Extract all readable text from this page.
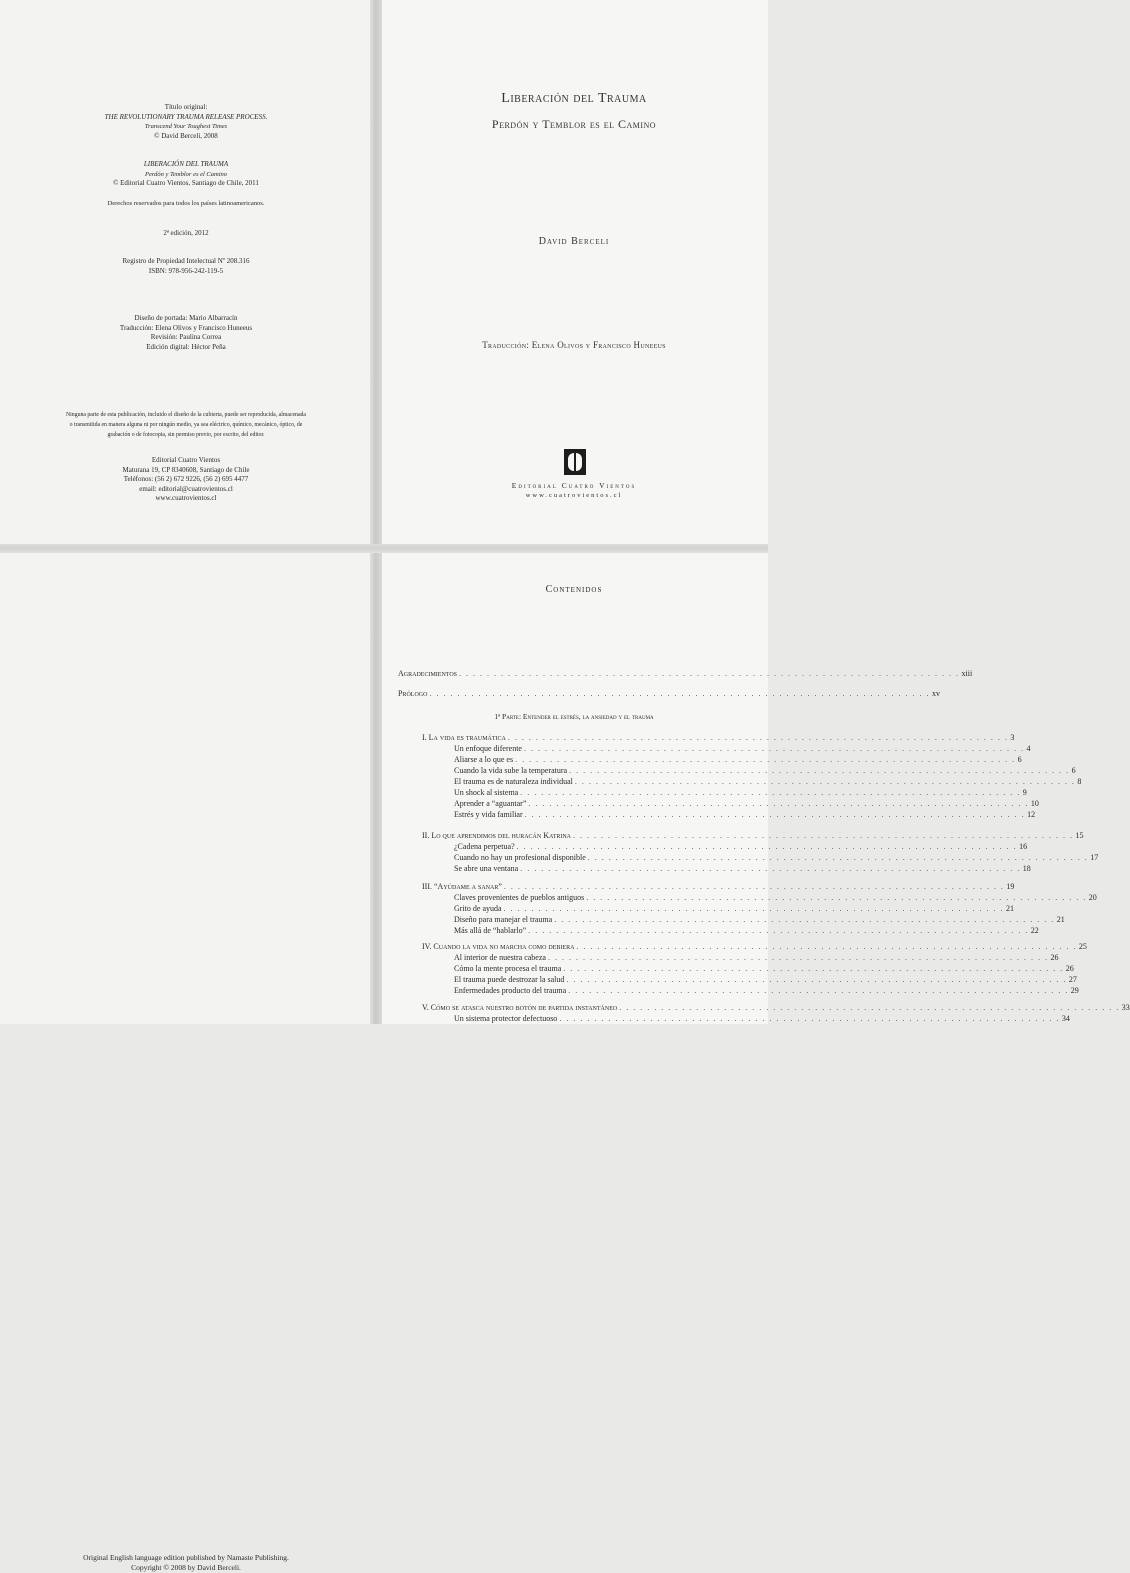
Título original:
THE REVOLUTIONARY TRAUMA RELEASE PROCESS.
Transcend Your Toughest Times
© David Berceli, 2008
LIBERACIÓN DEL TRAUMA
Perdón y Temblor es el Camino
© Editorial Cuatro Vientos, Santiago de Chile, 2011
Derechos reservados para todos los países latinoamericanos.
2ª edición, 2012
Registro de Propiedad Intelectual Nº 208.316
ISBN: 978-956-242-119-5
Diseño de portada: Mario Albarracín
Traducción: Elena Olivos y Francisco Huneeus
Revisión: Paulina Correa
Edición digital: Héctor Peña
Ninguna parte de esta publicación, incluido el diseño de la cubierta, puede ser reproducida, almacenada
o transmitida en manera alguna ni por ningún medio, ya sea eléctrico, químico, mecánico, óptico, de
grabación o de fotocopia, sin permiso previo, por escrito, del editor.
Editorial Cuatro Vientos
Maturana 19, CP 8340608, Santiago de Chile
Teléfonos: (56 2) 672 9226, (56 2) 695 4477
email: editorial@cuatrovientos.cl
www.cuatrovientos.cl
Liberación del Trauma
Perdón y Temblor es el Camino
David Berceli
Traducción: Elena Olivos y Francisco Huneeus
Editorial Cuatro Vientos
www.cuatrovientos.cl
Original English language edition published by Namaste Publishing.
Copyright © 2008 by David Berceli.
Contenidos
1ª Parte: Entender el estrés, la ansiedad y el trauma
Agradecimientos . . . . . . . . . . . . . . . . . . . . . . . . . . . . . . . . . . . . . . . . . . . . . . . . . . . . . . . . . . . . . . . . . . . . . . . . xiii
Prólogo . . . . . . . . . . . . . . . . . . . . . . . . . . . . . . . . . . . . . . . . . . . . . . . . . . . . . . . . . . . . . . . . . . . . . . . . xv
I. La vida es traumática . . . . . . . . . . . . . . . . . . . . . . . . . . . . . . . . . . . . . . . . . . . . . . . . . . . . . . . . . . . . . . . . . . . . . . . . 3
Un enfoque diferente . . . . . . . . . . . . . . . . . . . . . . . . . . . . . . . . . . . . . . . . . . . . . . . . . . . . . . . . . . . . . . . . . . . . . . . . 4
Aliarse a lo que es . . . . . . . . . . . . . . . . . . . . . . . . . . . . . . . . . . . . . . . . . . . . . . . . . . . . . . . . . . . . . . . . . . . . . . . . 6
Cuando la vida sube la temperatura . . . . . . . . . . . . . . . . . . . . . . . . . . . . . . . . . . . . . . . . . . . . . . . . . . . . . . . . . . . . . . . . . . . . . . . . 6
El trauma es de naturaleza individual . . . . . . . . . . . . . . . . . . . . . . . . . . . . . . . . . . . . . . . . . . . . . . . . . . . . . . . . . . . . . . . . . . . . . . . . 8
Un shock al sistema . . . . . . . . . . . . . . . . . . . . . . . . . . . . . . . . . . . . . . . . . . . . . . . . . . . . . . . . . . . . . . . . . . . . . . . . 9
Aprender a “aguantar” . . . . . . . . . . . . . . . . . . . . . . . . . . . . . . . . . . . . . . . . . . . . . . . . . . . . . . . . . . . . . . . . . . . . . . . . 10
Estrés y vida familiar . . . . . . . . . . . . . . . . . . . . . . . . . . . . . . . . . . . . . . . . . . . . . . . . . . . . . . . . . . . . . . . . . . . . . . . . 12
II. Lo que aprendimos del huracán Katrina . . . . . . . . . . . . . . . . . . . . . . . . . . . . . . . . . . . . . . . . . . . . . . . . . . . . . . . . . . . . . . . . . . . . . . . . 15
¿Cadena perpetua? . . . . . . . . . . . . . . . . . . . . . . . . . . . . . . . . . . . . . . . . . . . . . . . . . . . . . . . . . . . . . . . . . . . . . . . . 16
Cuando no hay un profesional disponible . . . . . . . . . . . . . . . . . . . . . . . . . . . . . . . . . . . . . . . . . . . . . . . . . . . . . . . . . . . . . . . . . . . . . . . . 17
Se abre una ventana . . . . . . . . . . . . . . . . . . . . . . . . . . . . . . . . . . . . . . . . . . . . . . . . . . . . . . . . . . . . . . . . . . . . . . . . 18
III. “Ayúdame a sanar” . . . . . . . . . . . . . . . . . . . . . . . . . . . . . . . . . . . . . . . . . . . . . . . . . . . . . . . . . . . . . . . . . . . . . . . . 19
Claves provenientes de pueblos antiguos . . . . . . . . . . . . . . . . . . . . . . . . . . . . . . . . . . . . . . . . . . . . . . . . . . . . . . . . . . . . . . . . . . . . . . . . 20
Grito de ayuda . . . . . . . . . . . . . . . . . . . . . . . . . . . . . . . . . . . . . . . . . . . . . . . . . . . . . . . . . . . . . . . . . . . . . . . . 21
Diseño para manejar el trauma . . . . . . . . . . . . . . . . . . . . . . . . . . . . . . . . . . . . . . . . . . . . . . . . . . . . . . . . . . . . . . . . . . . . . . . . 21
Más allá de “hablarlo” . . . . . . . . . . . . . . . . . . . . . . . . . . . . . . . . . . . . . . . . . . . . . . . . . . . . . . . . . . . . . . . . . . . . . . . . 22
IV. Cuando la vida no marcha como debiera . . . . . . . . . . . . . . . . . . . . . . . . . . . . . . . . . . . . . . . . . . . . . . . . . . . . . . . . . . . . . . . . . . . . . . . . 25
Al interior de nuestra cabeza . . . . . . . . . . . . . . . . . . . . . . . . . . . . . . . . . . . . . . . . . . . . . . . . . . . . . . . . . . . . . . . . . . . . . . . . 26
Cómo la mente procesa el trauma . . . . . . . . . . . . . . . . . . . . . . . . . . . . . . . . . . . . . . . . . . . . . . . . . . . . . . . . . . . . . . . . . . . . . . . . 26
El trauma puede destrozar la salud . . . . . . . . . . . . . . . . . . . . . . . . . . . . . . . . . . . . . . . . . . . . . . . . . . . . . . . . . . . . . . . . . . . . . . . . 27
Enfermedades producto del trauma . . . . . . . . . . . . . . . . . . . . . . . . . . . . . . . . . . . . . . . . . . . . . . . . . . . . . . . . . . . . . . . . . . . . . . . . 29
V. Cómo se atasca nuestro botón de partida instantáneo . . . . . . . . . . . . . . . . . . . . . . . . . . . . . . . . . . . . . . . . . . . . . . . . . . . . . . . . . . . . . . . . . . . . . . . . 33
Un sistema protector defectuoso . . . . . . . . . . . . . . . . . . . . . . . . . . . . . . . . . . . . . . . . . . . . . . . . . . . . . . . . . . . . . . . . . . . . . . . . 34
